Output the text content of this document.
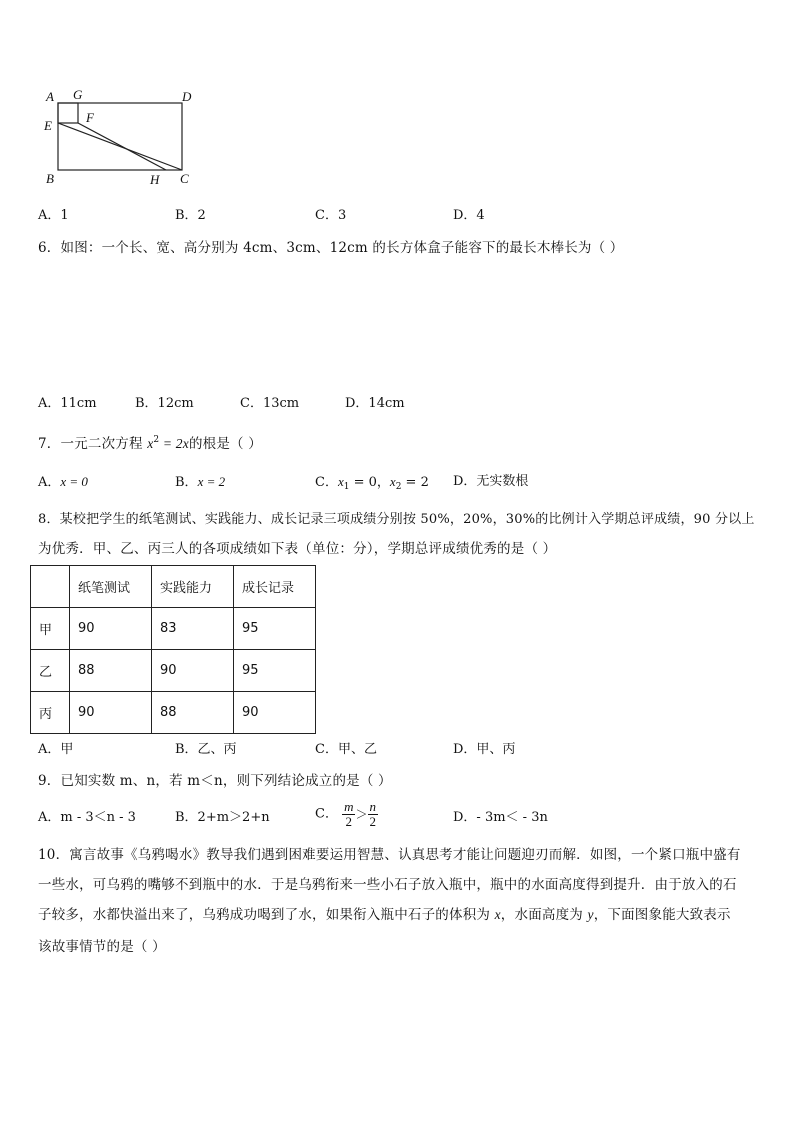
A G	D
E
F
B	H C
A．1	B．2	C．3	D．4
6．如图：一个长、宽、高分别为 4cm、3cm、12cm 的长方体盒子能容下的最长木棒长为（ ）
A．11cm	B．12cm	C．13cm	D．14cm
7．一元二次方程 $x^2 = 2x$的根是（ ）
A．x = 0	B．x = 2	C．$x_1 = 0$，$x_2 = 2$ D．无实数根
8．某校把学生的纸笔测试、实践能力、成长记录三项成绩分别按 50%，20%，30%的比例计入学期总评成绩，90 分以上
为优秀．甲、乙、丙三人的各项成绩如下表（单位：分），学期总评成绩优秀的是（ ）
	纸笔测试	实践能力	成长记录
甲	90	83	95
乙	88	90	95
丙	90	88	90
A．甲	B．乙、丙	C．甲、乙	D．甲、丙
9．已知实数 m、n，若 m＜n，则下列结论成立的是（ ）
A．m - 3＜n - 3	B．2+m＞2+n	C． $\frac{m}{2} > \frac{n}{2}$	D．- 3m＜ - 3n
10．寓言故事《乌鸦喝水》教导我们遇到困难要运用智慧、认真思考才能让问题迎刃而解．如图，一个紧口瓶中盛有
一些水，可乌鸦的嘴够不到瓶中的水．于是乌鸦衔来一些小石子放入瓶中，瓶中的水面高度得到提升．由于放入的石
子较多，水都快溢出来了，乌鸦成功喝到了水，如果衔入瓶中石子的体积为 x，水面高度为 y，下面图象能大致表示
该故事情节的是（ ）
